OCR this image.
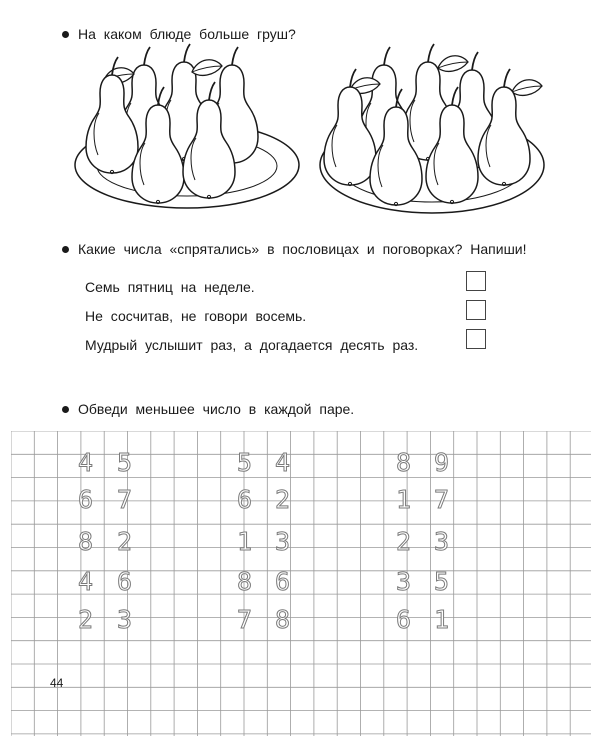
На каком блюде больше груш?
Какие числа «спрятались» в пословицах и поговорках? Напиши!
Семь пятниц на неделе.
Не сосчитав, не говори восемь.
Мудрый услышит раз, а догадается десять раз.
Обведи меньшее число в каждой паре.
4 5	5 4	8 9
6 7	6 2	1 7
8 2	1 3	2 3
4 6	8 6	3 5
2 3	7 8	6 1
44
